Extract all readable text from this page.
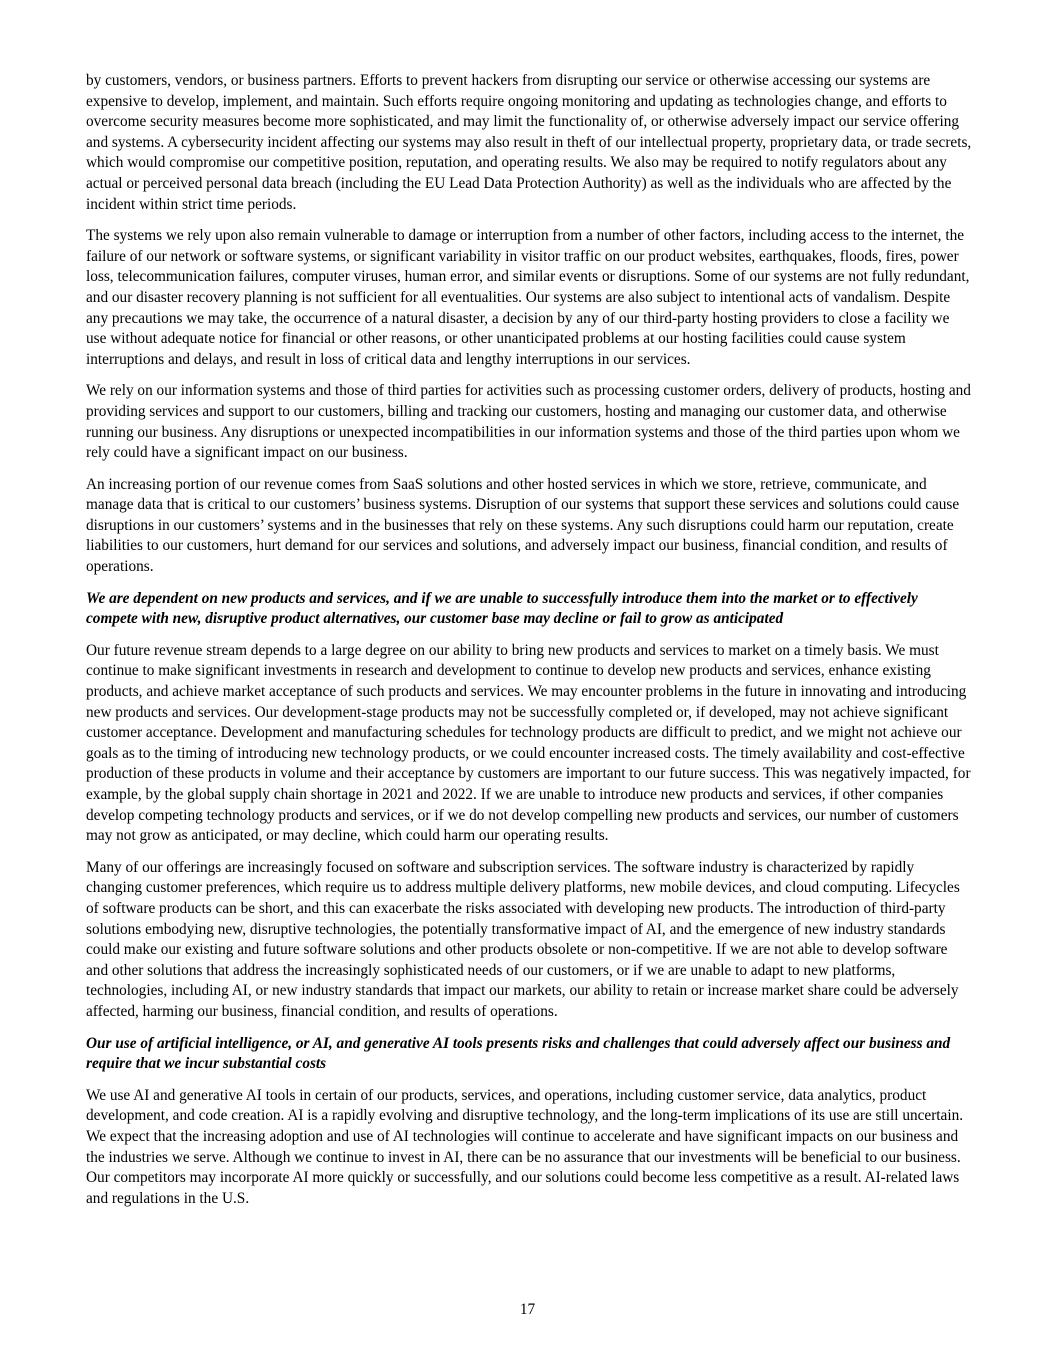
by customers, vendors, or business partners. Efforts to prevent hackers from disrupting our service or otherwise accessing our systems are expensive to develop, implement, and maintain. Such efforts require ongoing monitoring and updating as technologies change, and efforts to overcome security measures become more sophisticated, and may limit the functionality of, or otherwise adversely impact our service offering and systems. A cybersecurity incident affecting our systems may also result in theft of our intellectual property, proprietary data, or trade secrets, which would compromise our competitive position, reputation, and operating results. We also may be required to notify regulators about any actual or perceived personal data breach (including the EU Lead Data Protection Authority) as well as the individuals who are affected by the incident within strict time periods.

The systems we rely upon also remain vulnerable to damage or interruption from a number of other factors, including access to the internet, the failure of our network or software systems, or significant variability in visitor traffic on our product websites, earthquakes, floods, fires, power loss, telecommunication failures, computer viruses, human error, and similar events or disruptions. Some of our systems are not fully redundant, and our disaster recovery planning is not sufficient for all eventualities. Our systems are also subject to intentional acts of vandalism. Despite any precautions we may take, the occurrence of a natural disaster, a decision by any of our third-party hosting providers to close a facility we use without adequate notice for financial or other reasons, or other unanticipated problems at our hosting facilities could cause system interruptions and delays, and result in loss of critical data and lengthy interruptions in our services.

We rely on our information systems and those of third parties for activities such as processing customer orders, delivery of products, hosting and providing services and support to our customers, billing and tracking our customers, hosting and managing our customer data, and otherwise running our business. Any disruptions or unexpected incompatibilities in our information systems and those of the third parties upon whom we rely could have a significant impact on our business.

An increasing portion of our revenue comes from SaaS solutions and other hosted services in which we store, retrieve, communicate, and manage data that is critical to our customers’ business systems. Disruption of our systems that support these services and solutions could cause disruptions in our customers’ systems and in the businesses that rely on these systems. Any such disruptions could harm our reputation, create liabilities to our customers, hurt demand for our services and solutions, and adversely impact our business, financial condition, and results of operations.

We are dependent on new products and services, and if we are unable to successfully introduce them into the market or to effectively compete with new, disruptive product alternatives, our customer base may decline or fail to grow as anticipated

Our future revenue stream depends to a large degree on our ability to bring new products and services to market on a timely basis. We must continue to make significant investments in research and development to continue to develop new products and services, enhance existing products, and achieve market acceptance of such products and services. We may encounter problems in the future in innovating and introducing new products and services. Our development-stage products may not be successfully completed or, if developed, may not achieve significant customer acceptance. Development and manufacturing schedules for technology products are difficult to predict, and we might not achieve our goals as to the timing of introducing new technology products, or we could encounter increased costs. The timely availability and cost-effective production of these products in volume and their acceptance by customers are important to our future success. This was negatively impacted, for example, by the global supply chain shortage in 2021 and 2022. If we are unable to introduce new products and services, if other companies develop competing technology products and services, or if we do not develop compelling new products and services, our number of customers may not grow as anticipated, or may decline, which could harm our operating results.

Many of our offerings are increasingly focused on software and subscription services. The software industry is characterized by rapidly changing customer preferences, which require us to address multiple delivery platforms, new mobile devices, and cloud computing. Lifecycles of software products can be short, and this can exacerbate the risks associated with developing new products. The introduction of third-party solutions embodying new, disruptive technologies, the potentially transformative impact of AI, and the emergence of new industry standards could make our existing and future software solutions and other products obsolete or non-competitive. If we are not able to develop software and other solutions that address the increasingly sophisticated needs of our customers, or if we are unable to adapt to new platforms, technologies, including AI, or new industry standards that impact our markets, our ability to retain or increase market share could be adversely affected, harming our business, financial condition, and results of operations.

Our use of artificial intelligence, or AI, and generative AI tools presents risks and challenges that could adversely affect our business and require that we incur substantial costs

We use AI and generative AI tools in certain of our products, services, and operations, including customer service, data analytics, product development, and code creation. AI is a rapidly evolving and disruptive technology, and the long-term implications of its use are still uncertain. We expect that the increasing adoption and use of AI technologies will continue to accelerate and have significant impacts on our business and the industries we serve. Although we continue to invest in AI, there can be no assurance that our investments will be beneficial to our business. Our competitors may incorporate AI more quickly or successfully, and our solutions could become less competitive as a result. AI-related laws and regulations in the U.S.

17
